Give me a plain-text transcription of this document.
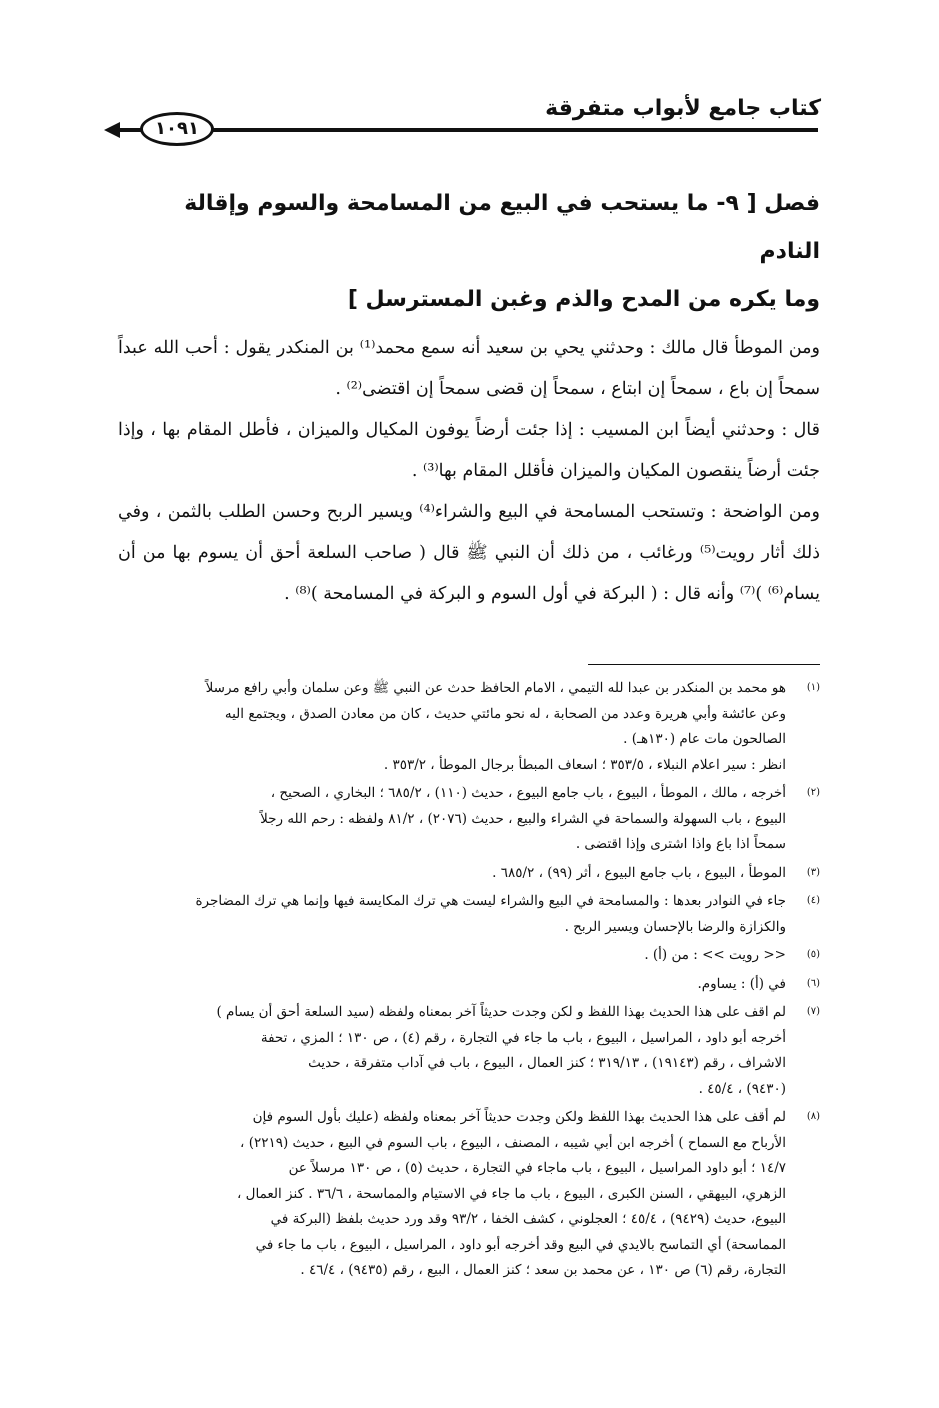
كتاب جامع لأبواب متفرقة
١٠٩١
فصل [ ٩- ما يستحب في البيع من المسامحة والسوم وإقالة النادم
وما يكره من المدح والذم وغبن المسترسل ]

ومن الموطأ قال مالك : وحدثني يحي بن سعيد أنه سمع محمد⁽¹⁾ بن المنكدر يقول : أحب الله عبداً سمحاً إن باع ، سمحاً إن ابتاع ، سمحاً إن قضى سمحاً إن اقتضى⁽²⁾ .

قال : وحدثني أيضاً ابن المسيب : إذا جئت أرضاً يوفون المكيال والميزان ، فأطل المقام بها ، وإذا جئت أرضاً ينقصون المكيان والميزان فأقلل المقام بها⁽³⁾ .

ومن الواضحة : وتستحب المسامحة في البيع والشراء⁽⁴⁾ ويسير الربح وحسن الطلب بالثمن ، وفي ذلك أثار رويت⁽⁵⁾ ورغائب ، من ذلك أن النبي ﷺ قال ( صاحب السلعة أحق أن يسوم بها من أن يسام⁽⁶⁾ )⁽⁷⁾ وأنه قال : ( البركة في أول السوم و البركة في المسامحة )⁽⁸⁾ .

(١)
هو محمد بن المنكدر بن عبدا لله التيمي ، الامام الحافظ حدث عن النبي ﷺ وعن سلمان وأبي رافع مرسلاً
وعن عائشة وأبي هريرة وعدد من الصحابة ، له نحو مائتي حديث ، كان من معادن الصدق ، ويجتمع اليه
الصالحون مات عام (١٣٠هـ) .
انظر : سير اعلام النبلاء ، ٣٥٣/٥ ؛ اسعاف المبطأ برجال الموطأ ، ٣٥٣/٢ .
(٢)
أخرجه ، مالك ، الموطأ ، البيوع ، باب جامع البيوع ، حديث (١١٠) ، ٦٨٥/٢ ؛ البخاري ، الصحيح ،
البيوع ، باب السهولة والسماحة في الشراء والبيع ، حديث (٢٠٧٦) ، ٨١/٢ ولفظه : رحم الله رجلاً
سمحاً اذا باع واذا اشترى وإذا اقتضى .
(٣)
الموطأ ، البيوع ، باب جامع البيوع ، أثر (٩٩) ، ٦٨٥/٢ .
(٤)
جاء في النوادر بعدها : والمسامحة في البيع والشراء ليست هي ترك المكايسة فيها وإنما هي ترك المضاجرة
والكزازة والرضا بالإحسان ويسير الربح .
(٥)
<< رويت >> : من (أ) .
(٦)
في (أ) : يساوم.
(٧)
لم اقف على هذا الحديث بهذا اللفظ و لكن وجدت حديثاً آخر بمعناه ولفظه (سيد السلعة أحق أن يسام )
أخرجه أبو داود ، المراسيل ، البيوع ، باب ما جاء في التجارة ، رقم (٤) ، ص ١٣٠ ؛ المزي ، تحفة
الاشراف ، رقم (١٩١٤٣) ، ٣١٩/١٣ ؛ كنز العمال ، البيوع ، باب في آداب متفرقة ، حديث
(٩٤٣٠) ، ٤٥/٤ .
(٨)
لم أقف على هذا الحديث بهذا اللفظ ولكن وجدت حديثاً آخر بمعناه ولفظه (عليك بأول السوم فإن
الأرباح مع السماح ) أخرجه ابن أبي شيبه ، المصنف ، البيوع ، باب السوم في البيع ، حديث (٢٢١٩) ،
١٤/٧ ؛ أبو داود المراسيل ، البيوع ، باب ماجاء في التجارة ، حديث (٥) ، ص ١٣٠ مرسلاً عن
الزهري، البيهقي ، السنن الكبرى ، البيوع ، باب ما جاء في الاستيام والمماسحة ، ٣٦/٦ . كنز العمال ،
البيوع، حديث (٩٤٢٩) ، ٤٥/٤ ؛ العجلوني ، كشف الخفا ، ٩٣/٢ وقد ورد حديث بلفظ (البركة في
المماسحة) أي التماسح بالايدي في البيع وقد أخرجه أبو داود ، المراسيل ، البيوع ، باب ما جاء في
التجارة، رقم (٦) ص ١٣٠ ، عن محمد بن سعد ؛ كنز العمال ، البيع ، رقم (٩٤٣٥) ، ٤٦/٤ .
